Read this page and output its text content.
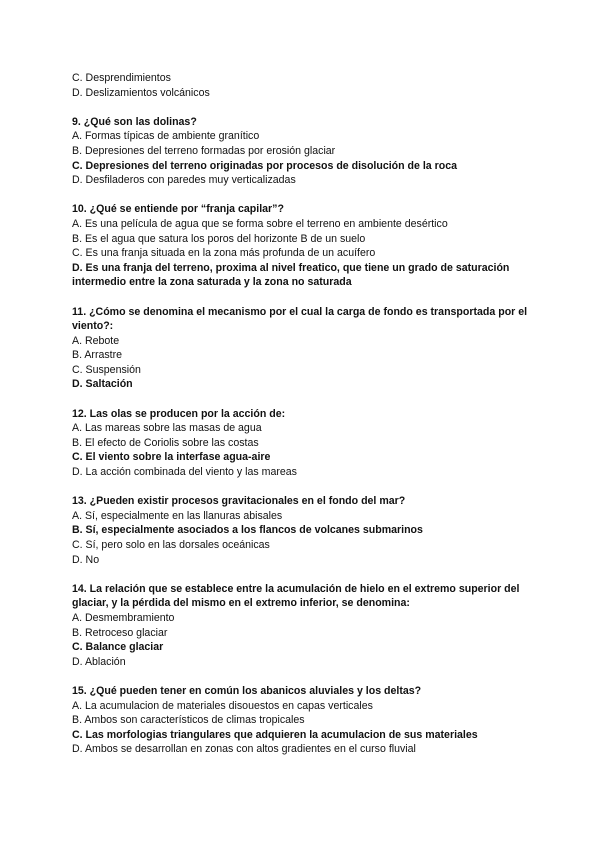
C. Desprendimientos
D. Deslizamientos volcánicos
9. ¿Qué son las dolinas?
A. Formas típicas de ambiente granítico
B. Depresiones del terreno formadas por erosión glaciar
C. Depresiones del terreno originadas por procesos de disolución de la roca
D. Desfiladeros con paredes muy verticalizadas
10. ¿Qué se entiende por “franja capilar”?
A. Es una película de agua que se forma sobre el terreno en ambiente desértico
B. Es el agua que satura los poros del horizonte B de un suelo
C. Es una franja situada en la zona más profunda de un acuífero
D. Es una franja del terreno, proxima al nivel freatico, que tiene un grado de saturación intermedio entre la zona saturada y la zona no saturada
11. ¿Cómo se denomina el mecanismo por el cual la carga de fondo es transportada por el viento?:
A. Rebote
B. Arrastre
C. Suspensión
D. Saltación
12. Las olas se producen por la acción de:
A. Las mareas sobre las masas de agua
B. El efecto de Coriolis sobre las costas
C. El viento sobre la interfase agua-aire
D. La acción combinada del viento y las mareas
13. ¿Pueden existir procesos gravitacionales en el fondo del mar?
A. Sí, especialmente en las llanuras abisales
B. Sí, especialmente asociados a los flancos de volcanes submarinos
C. Sí, pero solo en las dorsales oceánicas
D. No
14. La relación que se establece entre la acumulación de hielo en el extremo superior del glaciar, y la pérdida del mismo en el extremo inferior, se denomina:
A. Desmembramiento
B. Retroceso glaciar
C. Balance glaciar
D. Ablación
15. ¿Qué pueden tener en común los abanicos aluviales y los deltas?
A. La acumulacion de materiales disouestos en capas verticales
B. Ambos son característicos de climas tropicales
C. Las morfologias triangulares que adquieren la acumulacion de sus materiales
D. Ambos se desarrollan en zonas con altos gradientes en el curso fluvial
